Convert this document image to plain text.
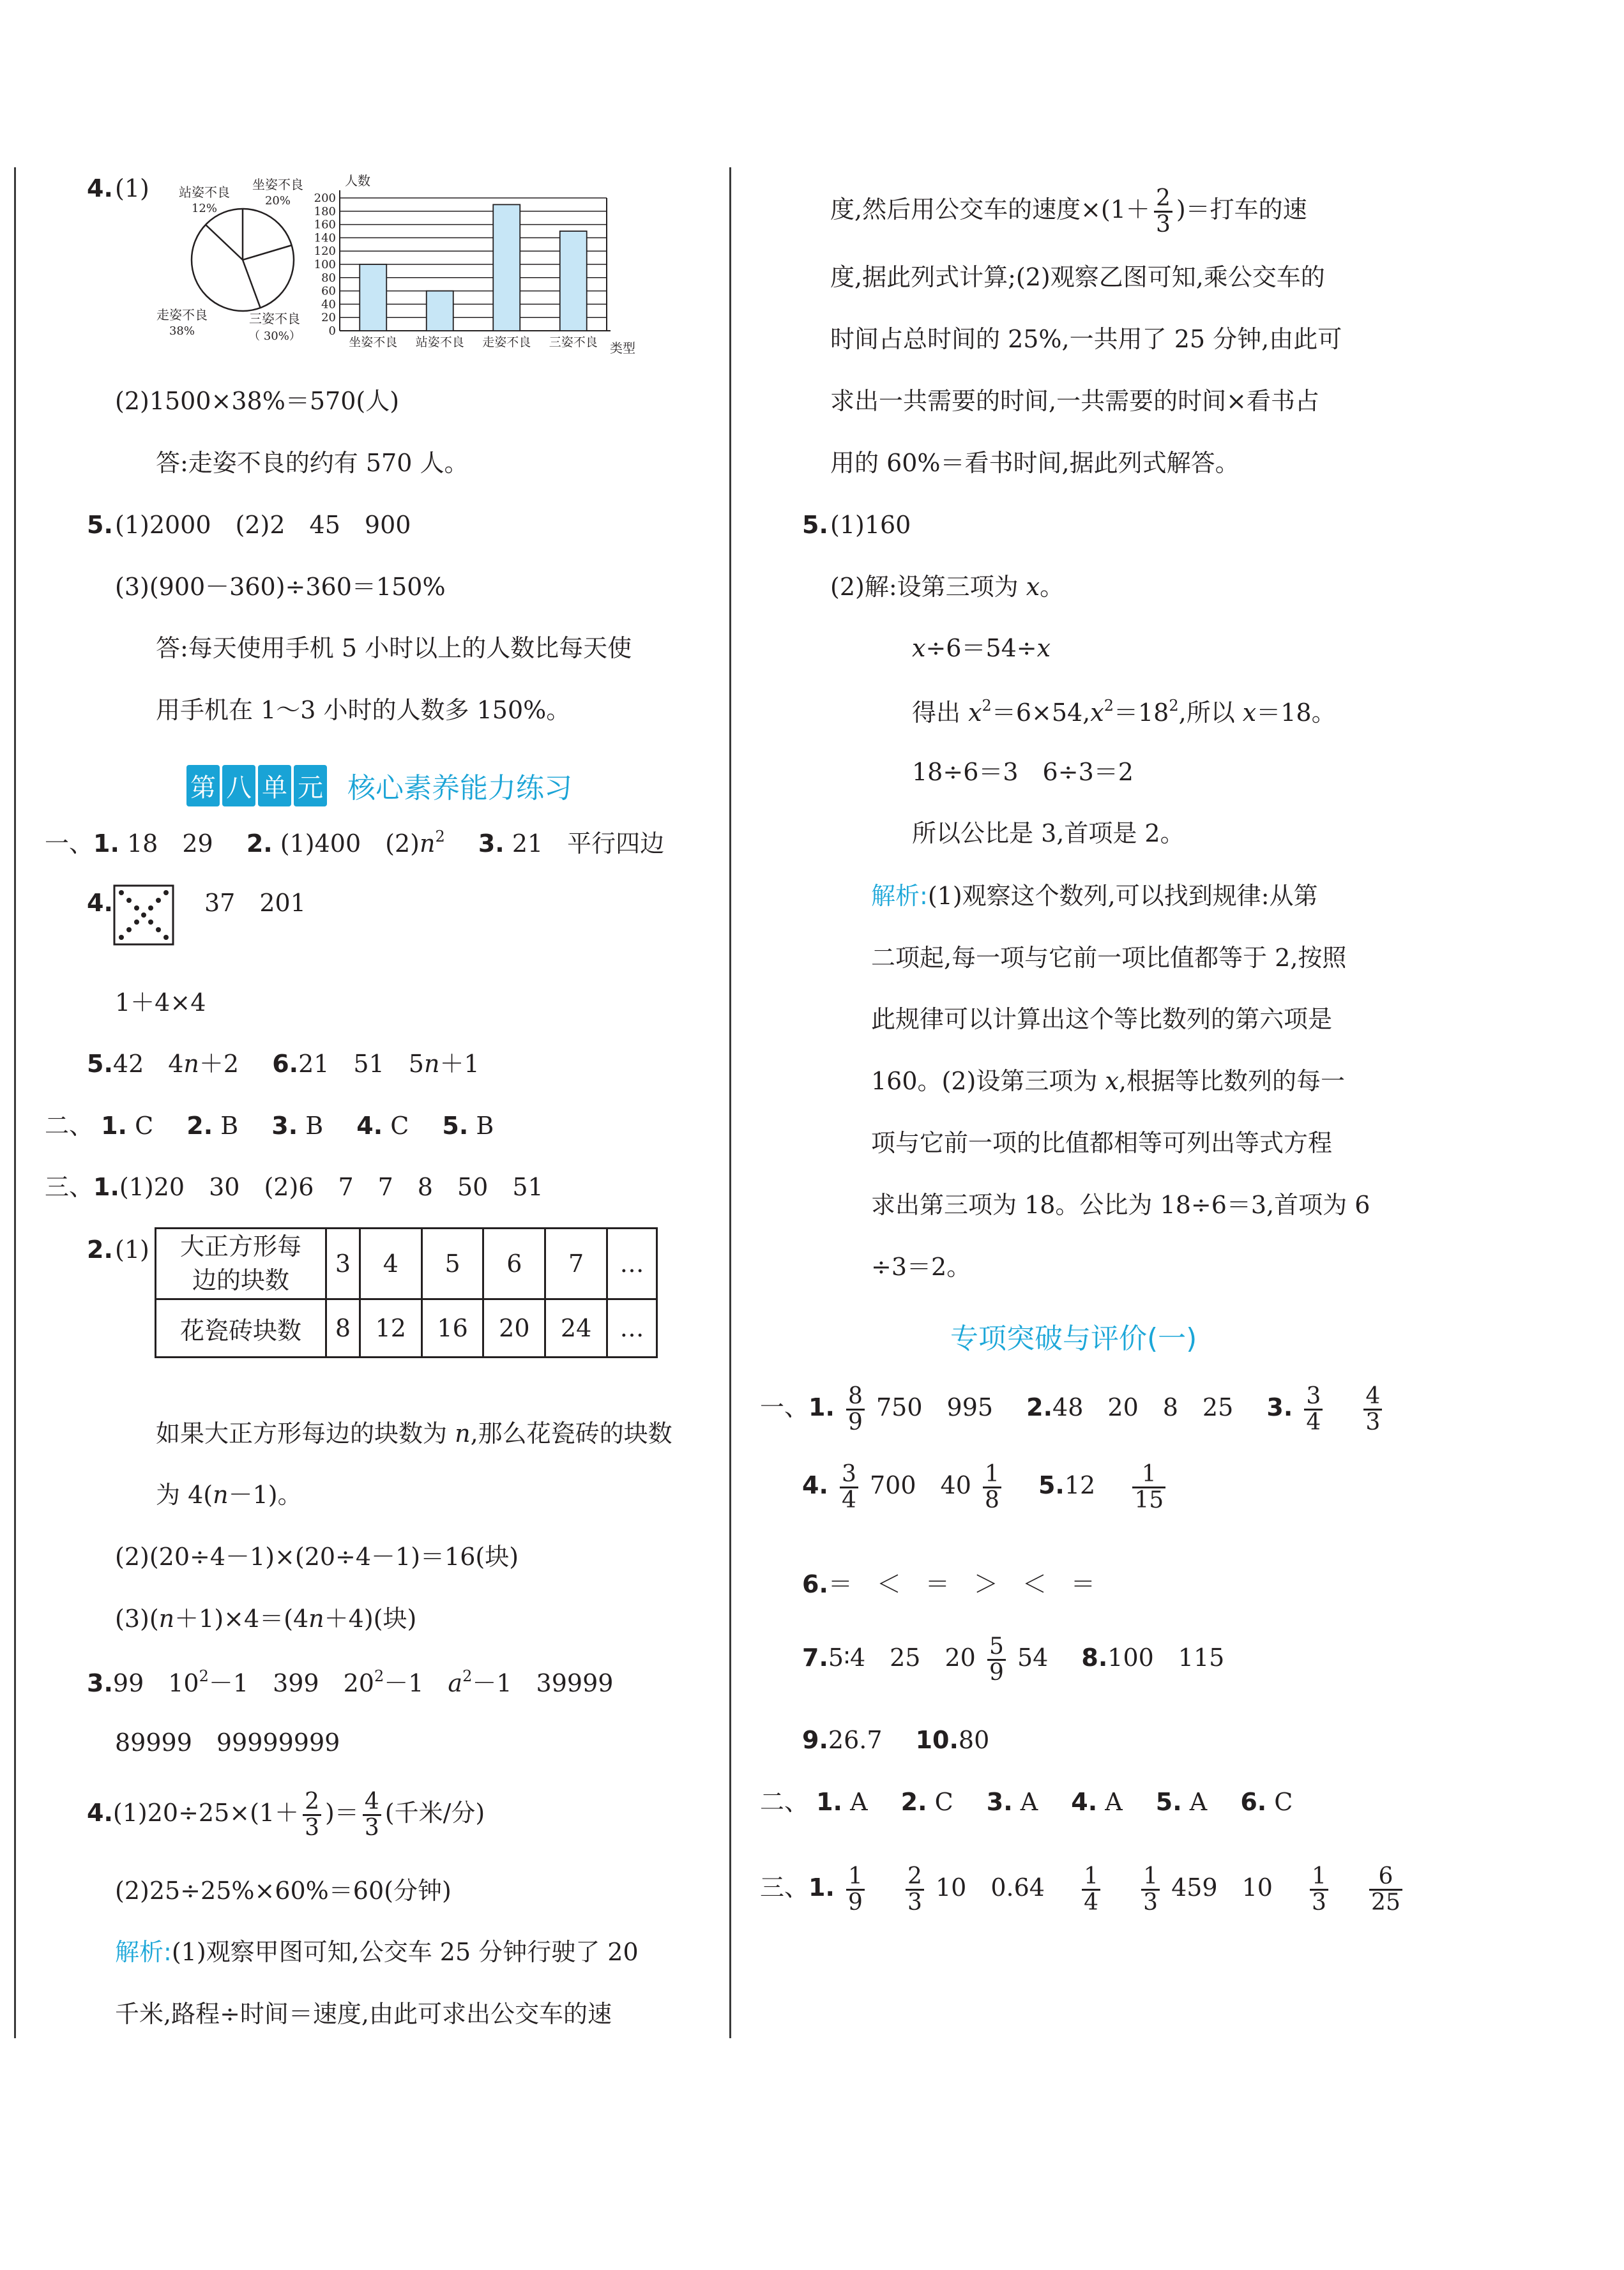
4. (1)	坐姿不良
20%
站姿不良
12%
走姿不良
38%
三姿不良
（ 30%）
人数
类型
0
20
40
60
80
100
120
140
160
180
200
坐姿不良 站姿不良 走姿不良 三姿不良
(2)1500×38%＝570(人)
答:走姿不良的约有 570 人。
5. (1)2000　(2)2　45　900
(3)(900－360)÷360＝150%
答:每天使用手机 5 小时以上的人数比每天使
用手机在 1～3 小时的人数多 150%。
第 八 单 元 核心素养能力练习
一、1. 18　29 2. (1)400　$(2)n^2$ 3. 21　平行四边
4.	37　201
1＋4×4
5.42　4n＋2 6.21　51　5n＋1
二、 1. C 2. B 3. B 4. C 5. B
三、1.(1)20　30　(2)6　7　7　8　50　51
2. (1)	大正方形每
边的块数	3	4	5	6	7	…
花瓷砖块数	8	12	16	20	24	…
如果大正方形每边的块数为 n,那么花瓷砖的块数
为 4(n－1)。
(2)(20÷4－1)×(20÷4－1)＝16(块)
(3)(n＋1)×4＝(4n＋4)(块)
3.99　$10^2-1$　399　$20^2-1$　$a^2-1$　39999
89999　99999999
$4.(1)20\div 25\times(1+ \frac{2}{3}$ )＝ $\frac{4}{3}$ (千米/分)
(2)25÷25%×60%＝60(分钟)
解析:(1)观察甲图可知,公交车 25 分钟行驶了 20
千米,路程÷时间＝速度,由此可求出公交车的速
度,然后用公交车的速度$\times(1+ \frac{2}{3}$ )＝打车的速
度,据此列式计算;(2)观察乙图可知,乘公交车的
时间占总时间的 25%,一共用了 25 分钟,由此可
求出一共需要的时间,一共需要的时间×看书占
用的 60%＝看书时间,据此列式解答。
5. (1)160
(2)解:设第三项为 x。
x÷6＝54÷x
得出 $x^2=6\times 54,x^2=18^2$,所以 x＝18。
18÷6＝3　6÷3＝2
所以公比是 3,首项是 2。
解析:(1)观察这个数列,可以找到规律:从第
二项起,每一项与它前一项比值都等于 2,按照
此规律可以计算出这个等比数列的第六项是
160。(2)设第三项为 x,根据等比数列的每一
项与它前一项的比值都相等可列出等式方程
求出第三项为 18。公比为 18÷6＝3,首项为 6
÷3＝2。
专项突破与评价(一)
一、1. $\frac{8}{9} 750$　995 2.48　20　8　25 3. $\frac{3}{4}$
$\frac{4}{3}$
4. $\frac{3}{4} 700$　$40 \frac{1}{8} 5.12 \frac{1}{15}$
6.＝　＜　＝　＞　＜　＝
7.5∶4　25　$20 \frac{5}{9} 54$ 8.100　115
9.26.7 10.80
二、 1. A 2. C 3. A 4. A 5. A 6. C
三、1. $\frac{1}{9}$
$\frac{2}{3} 10$　$0.64 \frac{1}{4}$
$\frac{1}{3} 459$　$10 \frac{1}{3}$
$\frac{6}{25}$
